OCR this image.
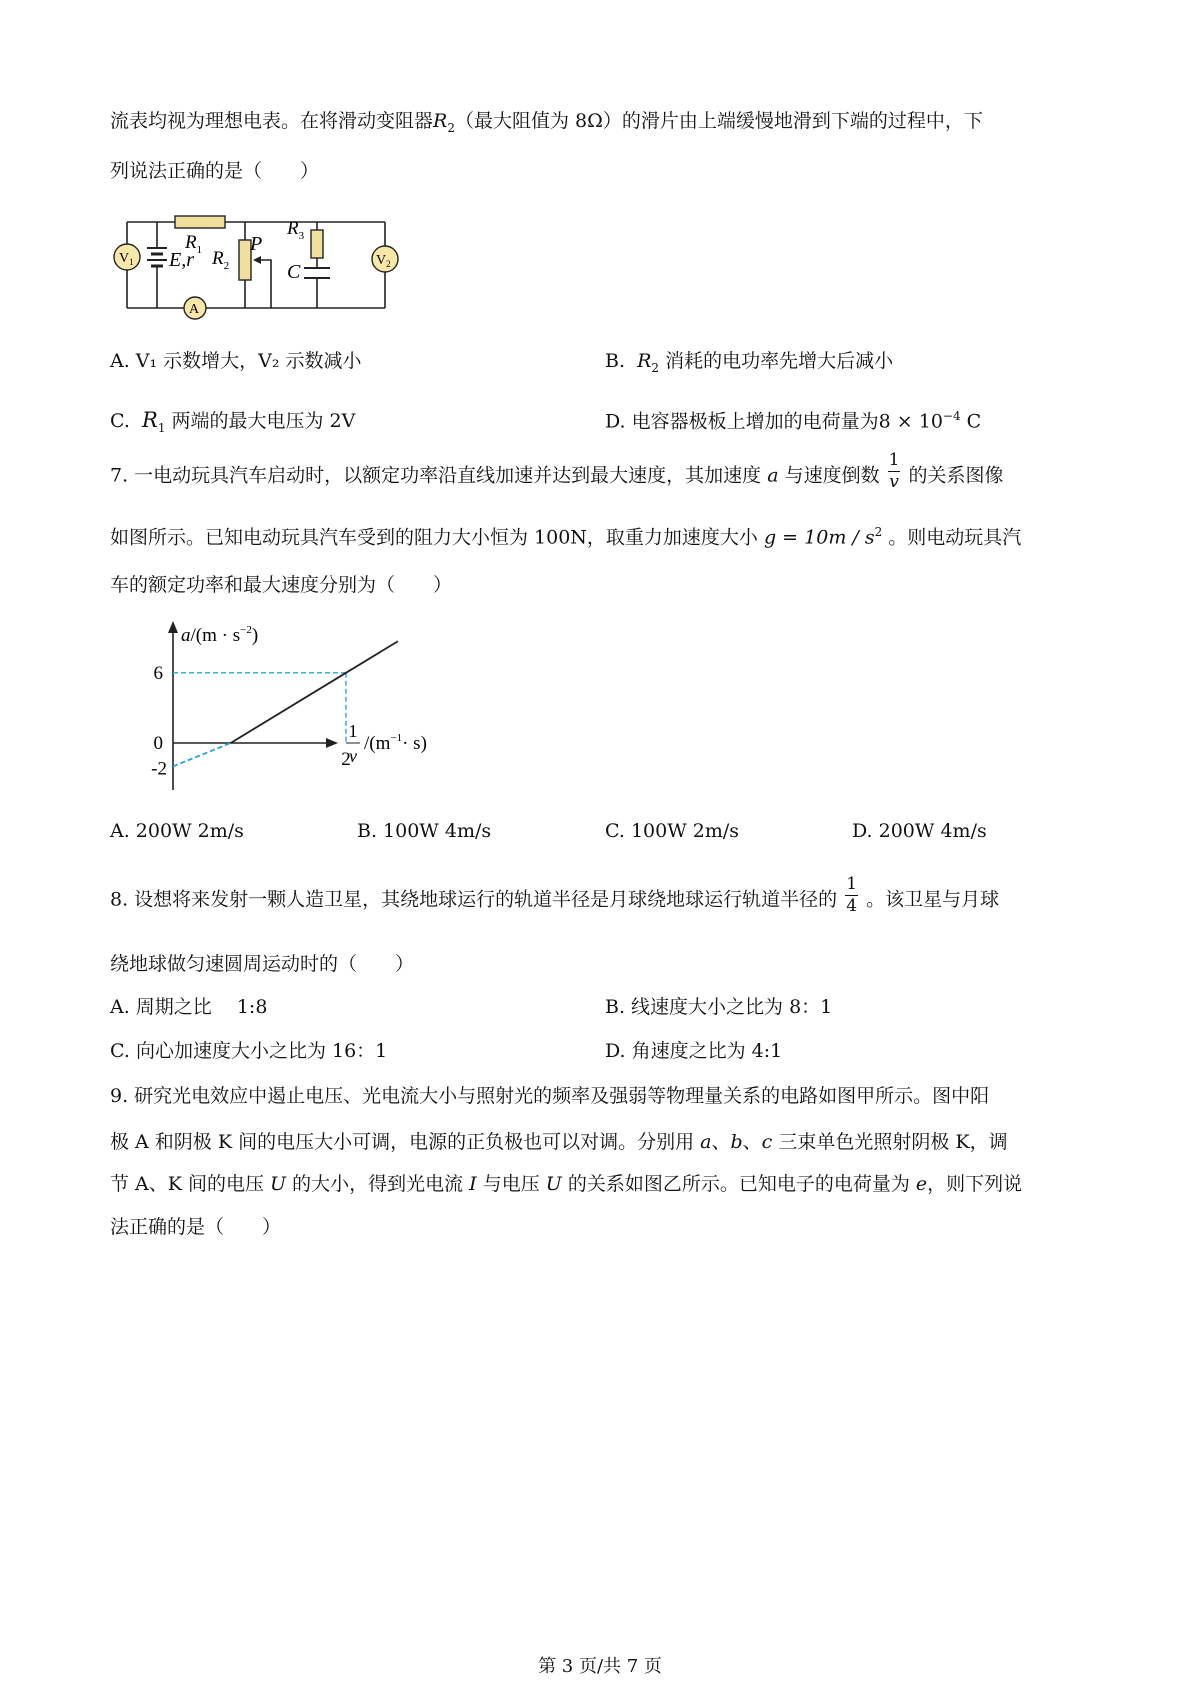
流表均视为理想电表。在将滑动变阻器$R_2$（最大阻值为 8Ω）的滑片由上端缓慢地滑到下端的过程中，下
列说法正确的是（　　）
$V_1$	$V_2$
A
$R_1$ $R_2$
$R_3$
P
C
E,r
A. V₁ 示数增大，V₂ 示数减小	B. $R_2$ 消耗的电功率先增大后减小
C. $R_1$ 两端的最大电压为 2V	D. 电容器极板上增加的电荷量为$8 \times 10^{-4}$ C
7. 一电动玩具汽车启动时，以额定功率沿直线加速并达到最大速度，其加速度 a 与速度倒数 $\frac{1}{v}$ 的关系图像
如图所示。已知电动玩具汽车受到的阻力大小恒为 100N，取重力加速度大小 $g = 10m / s^2$ 。则电动玩具汽
车的额定功率和最大速度分别为（　　）
6
0
-2	2
$a/(m \cdot s^{-2})$
1
v
$/(m^{-1}\cdot s)$
A. 200W 2m/s	B. 100W 4m/s	C. 100W 2m/s	D. 200W 4m/s
8. 设想将来发射一颗人造卫星，其绕地球运行的轨道半径是月球绕地球运行轨道半径的 $\frac{1}{4}$ 。该卫星与月球
绕地球做匀速圆周运动时的（　　）
A. 周期之比　 1:8	B. 线速度大小之比为 8：1
C. 向心加速度大小之比为 16：1	D. 角速度之比为 4:1
9. 研究光电效应中遏止电压、光电流大小与照射光的频率及强弱等物理量关系的电路如图甲所示。图中阳
极 A 和阴极 K 间的电压大小可调，电源的正负极也可以对调。分别用 a、b、c 三束单色光照射阴极 K，调
节 A、K 间的电压 U 的大小，得到光电流 I 与电压 U 的关系如图乙所示。已知电子的电荷量为 e，则下列说
法正确的是（　　）
第 3 页/共 7 页
